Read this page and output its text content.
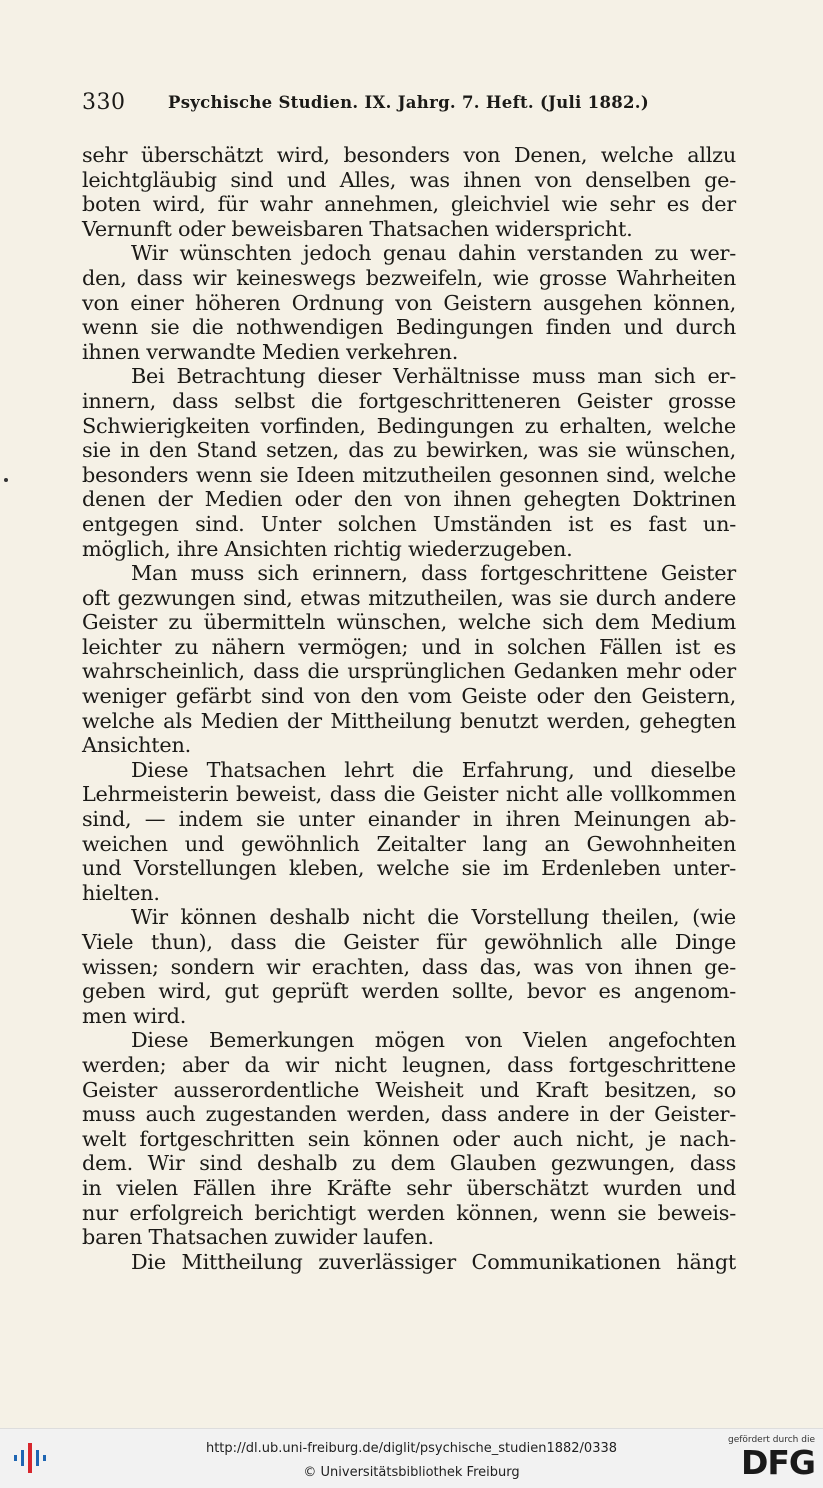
330	Psychische Studien. IX. Jahrg. 7. Heft. (Juli 1882.)
sehr überschätzt wird, besonders von Denen, welche allzu
leichtgläubig sind und Alles, was ihnen von denselben ge-
boten wird, für wahr annehmen, gleichviel wie sehr es der
Vernunft oder beweisbaren Thatsachen widerspricht.
Wir wünschten jedoch genau dahin verstanden zu wer-
den, dass wir keineswegs bezweifeln, wie grosse Wahrheiten
von einer höheren Ordnung von Geistern ausgehen können,
wenn sie die nothwendigen Bedingungen finden und durch
ihnen verwandte Medien verkehren.
Bei Betrachtung dieser Verhältnisse muss man sich er-
innern, dass selbst die fortgeschritteneren Geister grosse
Schwierigkeiten vorfinden, Bedingungen zu erhalten, welche
sie in den Stand setzen, das zu bewirken, was sie wünschen,
besonders wenn sie Ideen mitzutheilen gesonnen sind, welche
denen der Medien oder den von ihnen gehegten Doktrinen
entgegen sind. Unter solchen Umständen ist es fast un-
möglich, ihre Ansichten richtig wiederzugeben.
Man muss sich erinnern, dass fortgeschrittene Geister
oft gezwungen sind, etwas mitzutheilen, was sie durch andere
Geister zu übermitteln wünschen, welche sich dem Medium
leichter zu nähern vermögen; und in solchen Fällen ist es
wahrscheinlich, dass die ursprünglichen Gedanken mehr oder
weniger gefärbt sind von den vom Geiste oder den Geistern,
welche als Medien der Mittheilung benutzt werden, gehegten
Ansichten.
Diese Thatsachen lehrt die Erfahrung, und dieselbe
Lehrmeisterin beweist, dass die Geister nicht alle vollkommen
sind, — indem sie unter einander in ihren Meinungen ab-
weichen und gewöhnlich Zeitalter lang an Gewohnheiten
und Vorstellungen kleben, welche sie im Erdenleben unter-
hielten.
Wir können deshalb nicht die Vorstellung theilen, (wie
Viele thun), dass die Geister für gewöhnlich alle Dinge
wissen; sondern wir erachten, dass das, was von ihnen ge-
geben wird, gut geprüft werden sollte, bevor es angenom-
men wird.
Diese Bemerkungen mögen von Vielen angefochten
werden; aber da wir nicht leugnen, dass fortgeschrittene
Geister ausserordentliche Weisheit und Kraft besitzen, so
muss auch zugestanden werden, dass andere in der Geister-
welt fortgeschritten sein können oder auch nicht, je nach-
dem. Wir sind deshalb zu dem Glauben gezwungen, dass
in vielen Fällen ihre Kräfte sehr überschätzt wurden und
nur erfolgreich berichtigt werden können, wenn sie beweis-
baren Thatsachen zuwider laufen.
Die Mittheilung zuverlässiger Communikationen hängt
http://dl.ub.uni-freiburg.de/diglit/psychische_studien1882/0338
© Universitätsbibliothek Freiburg
gefördert durch die
DFG
